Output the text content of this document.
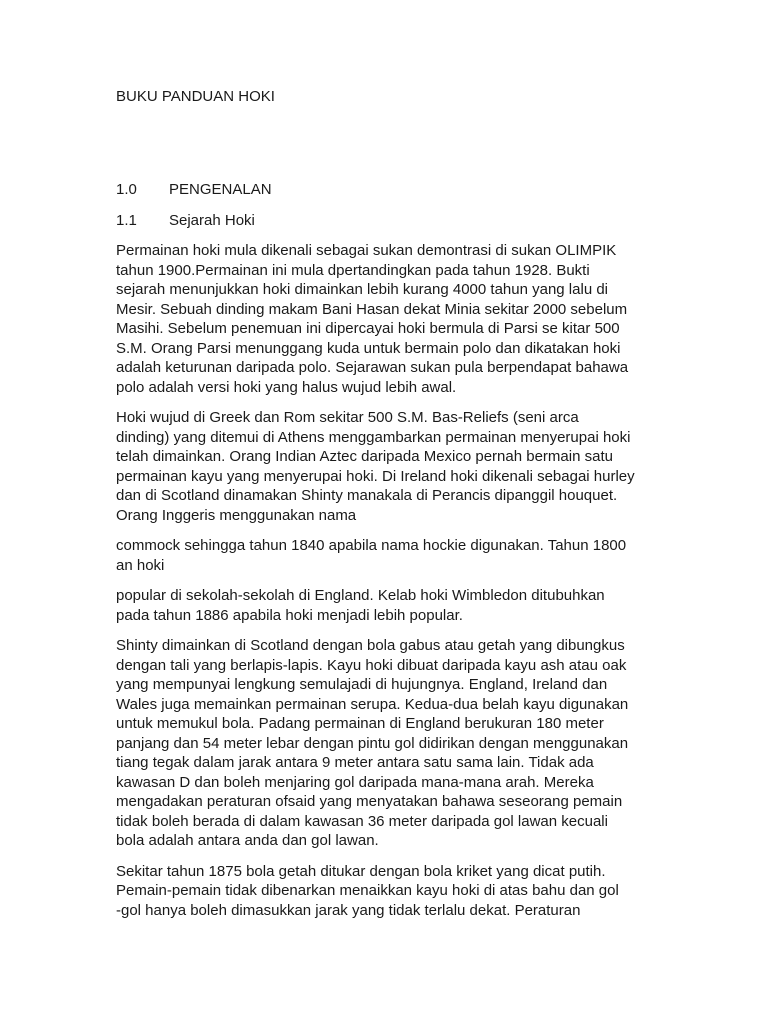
BUKU PANDUAN HOKI
1.0 PENGENALAN
1.1 Sejarah Hoki

Permainan hoki mula dikenali sebagai sukan demontrasi di sukan OLIMPIK
tahun 1900.Permainan ini mula dpertandingkan pada tahun 1928. Bukti
sejarah menunjukkan hoki dimainkan lebih kurang 4000 tahun yang lalu di
Mesir. Sebuah dinding makam Bani Hasan dekat Minia sekitar 2000 sebelum
Masihi. Sebelum penemuan ini dipercayai hoki bermula di Parsi se kitar 500
S.M. Orang Parsi menunggang kuda untuk bermain polo dan dikatakan hoki
adalah keturunan daripada polo. Sejarawan sukan pula berpendapat bahawa
polo adalah versi hoki yang halus wujud lebih awal.

Hoki wujud di Greek dan Rom sekitar 500 S.M. Bas-Reliefs (seni arca
dinding) yang ditemui di Athens menggambarkan permainan menyerupai hoki
telah dimainkan. Orang Indian Aztec daripada Mexico pernah bermain satu
permainan kayu yang menyerupai hoki. Di Ireland hoki dikenali sebagai hurley
dan di Scotland dinamakan Shinty manakala di Perancis dipanggil houquet.
Orang Inggeris menggunakan nama

commock sehingga tahun 1840 apabila nama hockie digunakan. Tahun 1800
an hoki

popular di sekolah-sekolah di England. Kelab hoki Wimbledon ditubuhkan
pada tahun 1886 apabila hoki menjadi lebih popular.

Shinty dimainkan di Scotland dengan bola gabus atau getah yang dibungkus
dengan tali yang berlapis-lapis. Kayu hoki dibuat daripada kayu ash atau oak
yang mempunyai lengkung semulajadi di hujungnya. England, Ireland dan
Wales juga memainkan permainan serupa. Kedua-dua belah kayu digunakan
untuk memukul bola. Padang permainan di England berukuran 180 meter
panjang dan 54 meter lebar dengan pintu gol didirikan dengan menggunakan
tiang tegak dalam jarak antara 9 meter antara satu sama lain. Tidak ada
kawasan D dan boleh menjaring gol daripada mana-mana arah. Mereka
mengadakan peraturan ofsaid yang menyatakan bahawa seseorang pemain
tidak boleh berada di dalam kawasan 36 meter daripada gol lawan kecuali
bola adalah antara anda dan gol lawan.

Sekitar tahun 1875 bola getah ditukar dengan bola kriket yang dicat putih.
Pemain-pemain tidak dibenarkan menaikkan kayu hoki di atas bahu dan gol
-gol hanya boleh dimasukkan jarak yang tidak terlalu dekat. Peraturan
